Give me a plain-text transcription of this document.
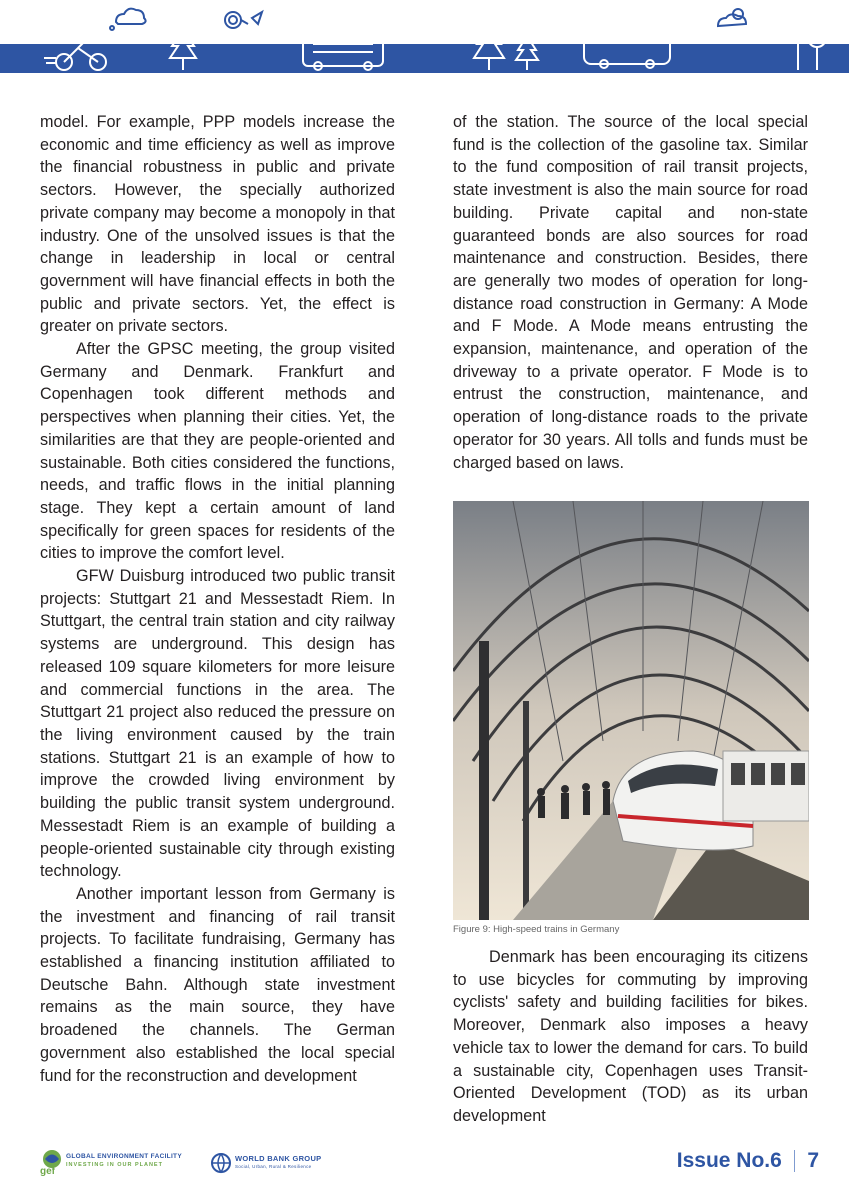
model. For example, PPP models increase the economic and time efficiency as well as improve the financial robustness in public and private sectors. However, the specially authorized private company may become a monopoly in that industry. One of the unsolved issues is that the change in leadership in local or central government will have financial effects in both the public and private sectors. Yet, the effect is greater on private sectors.

After the GPSC meeting, the group visited Germany and Denmark. Frankfurt and Copenhagen took different methods and perspectives when planning their cities. Yet, the similarities are that they are people-oriented and sustainable. Both cities considered the functions, needs, and traffic flows in the initial planning stage. They kept a certain amount of land specifically for green spaces for residents of the cities to improve the comfort level.

GFW Duisburg introduced two public transit projects: Stuttgart 21 and Messestadt Riem. In Stuttgart, the central train station and city railway systems are underground. This design has released 109 square kilometers for more leisure and commercial functions in the area. The Stuttgart 21 project also reduced the pressure on the living environment caused by the train stations. Stuttgart 21 is an example of how to improve the crowded living environment by building the public transit system underground. Messestadt Riem is an example of building a people-oriented sustainable city through existing technology.

Another important lesson from Germany is the investment and financing of rail transit projects. To facilitate fundraising, Germany has established a financing institution affiliated to Deutsche Bahn. Although state investment remains as the main source, they have broadened the channels. The German government also established the local special fund for the reconstruction and development

of the station. The source of the local special fund is the collection of the gasoline tax. Similar to the fund composition of rail transit projects, state investment is also the main source for road building. Private capital and non-state guaranteed bonds are also sources for road maintenance and construction. Besides, there are generally two modes of operation for long-distance road construction in Germany: A Mode and F Mode. A Mode means entrusting the expansion, maintenance, and operation of the driveway to a private operator. F Mode is to entrust the construction, maintenance, and operation of long-distance roads to the private operator for 30 years. All tolls and funds must be charged based on laws.

Figure 9: High-speed trains in Germany

Denmark has been encouraging its citizens to use bicycles for commuting by improving cyclists' safety and building facilities for bikes. Moreover, Denmark also imposes a heavy vehicle tax to lower the demand for cars. To build a sustainable city, Copenhagen uses Transit-Oriented Development (TOD) as its urban development

gef
GLOBAL ENVIRONMENT FACILITY
INVESTING IN OUR PLANET
WORLD BANK GROUP
Social, Urban, Rural & Resilience	Issue No.6 7
